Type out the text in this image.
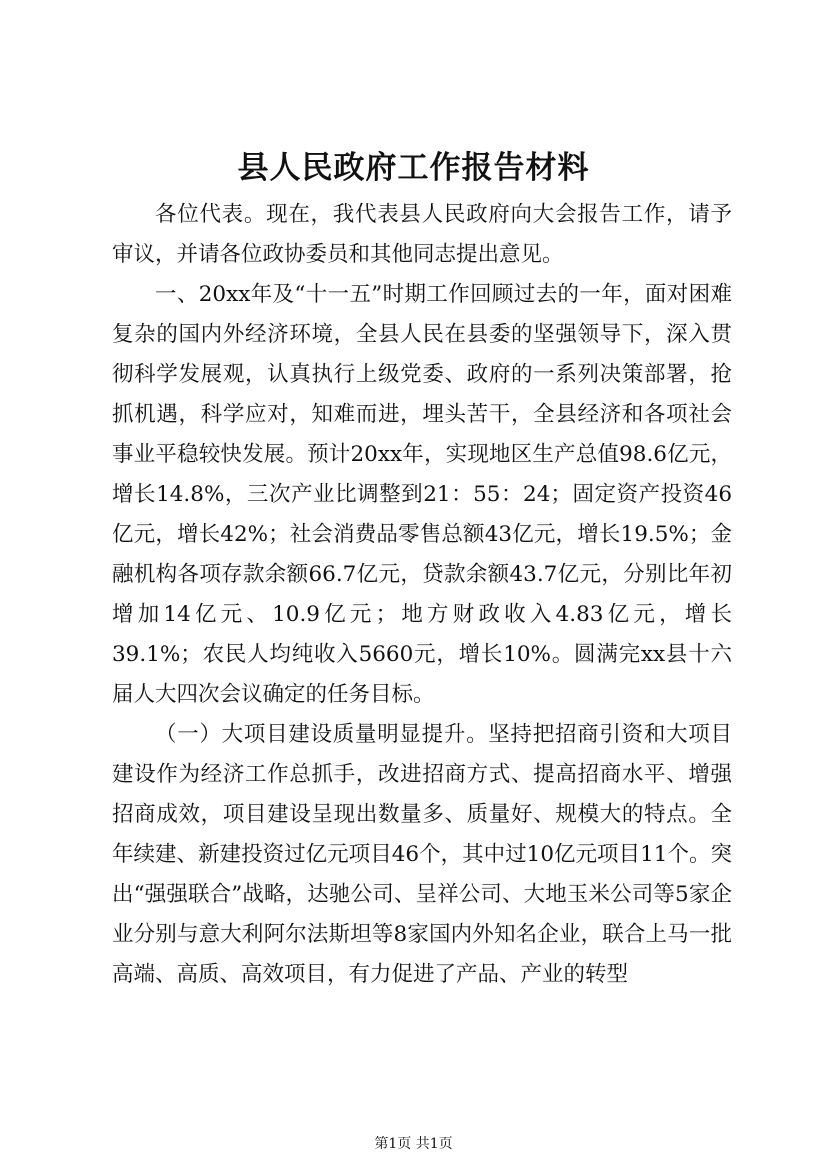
县人民政府工作报告材料

各位代表。现在，我代表县人民政府向大会报告工作，请予审议，并请各位政协委员和其他同志提出意见。

一、20xx年及“十一五”时期工作回顾过去的一年，面对困难复杂的国内外经济环境，全县人民在县委的坚强领导下，深入贯彻科学发展观，认真执行上级党委、政府的一系列决策部署，抢抓机遇，科学应对，知难而进，埋头苦干，全县经济和各项社会事业平稳较快发展。预计20xx年，实现地区生产总值98.6亿元，增长14.8%，三次产业比调整到21：55：24；固定资产投资46亿元，增长42%；社会消费品零售总额43亿元，增长19.5%；金融机构各项存款余额66.7亿元，贷款余额43.7亿元，分别比年初增加14亿元、10.9亿元；地方财政收入4.83亿元，增长39.1%；农民人均纯收入5660元，增长10%。圆满完xx县十六届人大四次会议确定的任务目标。

（一）大项目建设质量明显提升。坚持把招商引资和大项目建设作为经济工作总抓手，改进招商方式、提高招商水平、增强招商成效，项目建设呈现出数量多、质量好、规模大的特点。全年续建、新建投资过亿元项目46个，其中过10亿元项目11个。突出“强强联合”战略，达驰公司、呈祥公司、大地玉米公司等5家企业分别与意大利阿尔法斯坦等8家国内外知名企业，联合上马一批高端、高质、高效项目，有力促进了产品、产业的转型

第1页 共1页
